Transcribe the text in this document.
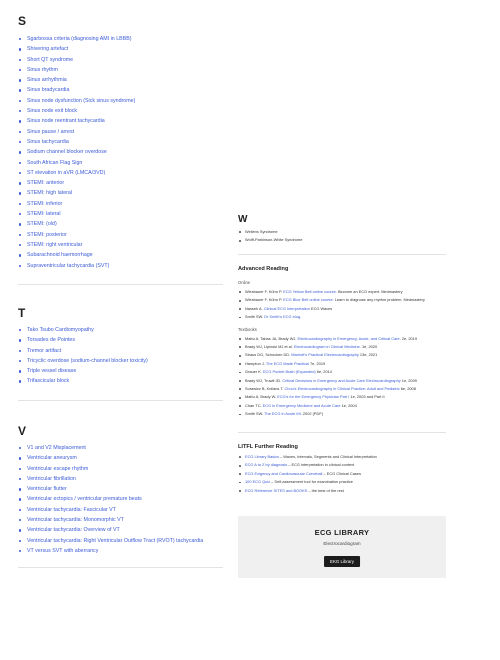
S
Sgarbossa criteria (diagnosing AMI in LBBB)
Shivering artefact
Short QT syndrome
Sinus rhythm
Sinus arrhythmia
Sinus bradycardia
Sinus node dysfunction (Sick sinus syndrome)
Sinus node exit block
Sinus node reentrant tachycardia
Sinus pause / arrest
Sinus tachycardia
Sodium channel blocker overdose
South African Flag Sign
ST elevation in aVR (LMCA/3VD)
STEMI: anterior
STEMI: high lateral
STEMI: inferior
STEMI: lateral
STEMI: (old)
STEMI: posterior
STEMI: right ventricular
Subarachnoid haemorrhage
Supraventricular tachycardia (SVT)
T
Tako Tsubo Cardiomyopathy
Torsades de Pointes
Tremor artifact
Tricyclic overdose (sodium-channel blocker toxicity)
Triple vessel disease
Trifascicular block
V
V1 and V2 Misplacement
Ventricular aneurysm
Ventricular escape rhythm
Ventricular fibrillation
Ventricular flutter
Ventricular ectopics / ventricular premature beats
Ventricular tachycardia: Fascicular VT
Ventricular tachycardia: Monomorphic VT
Ventricular tachycardia: Overview of VT
Ventricular tachycardia: Right Ventricular Outflow Tract (RVOT) tachycardia
VT versus SVT with aberrancy
W
Wellens Syndrome
Wolff-Parkinson-White Syndrome
Advanced Reading
Online
Wiesbauer F, Kühn P. ECG Yellow Belt online course. Become an ECG expert. Medmastery
Wiesbauer F, Kühn P. ECG Blue Belt online course: Learn to diagnose any rhythm problem. Medmastery
Nasseh A. Clinical ECG Interpretation ECG Waves
Smith SW. Dr Smith's ECG blog.
Textbooks
Mattu A, Tabas JA, Brady WJ. Electrocardiography in Emergency, Acute, and Critical Care. 2e, 2019
Brady WJ, Lipinski MJ et al. Electrocardiogram in Clinical Medicine. 1e, 2020
Straus DG, Schocken DD. Marriott's Practical Electrocardiography 13e, 2021
Hampton J. The ECG Made Practical 7e, 2019
Grauer K. ECG Pocket Brain (Expanded) 6e, 2014
Brady WJ, Truwit JD. Critical Decisions in Emergency and Acute Care Electrocardiography 1e, 2009
Surawicz B, Knilans T. Chou's Electrocardiography in Clinical Practice: Adult and Pediatric 6e, 2008
Mattu A, Brady W. ECG's for the Emergency Physician Part I 1e, 2003 and Part II
Chan TC. ECG in Emergency Medicine and Acute Care 1e, 2004
Smith SW. The ECG in Acute MI. 2002 (PDF)
LITFL Further Reading
ECG Library Basics – Waves, Intervals, Segments and Clinical Interpretation
ECG A to Z by diagnosis – ECG interpretation in clinical context
ECG Exigency and Cardiovascular Curveball – ECG Clinical Cases
100 ECG Quiz – Self-assessment tool for examination practice
ECG Reference SITES and BOOKS – the best of the rest
ECG LIBRARY
Electrocardiogram
EKG Library
